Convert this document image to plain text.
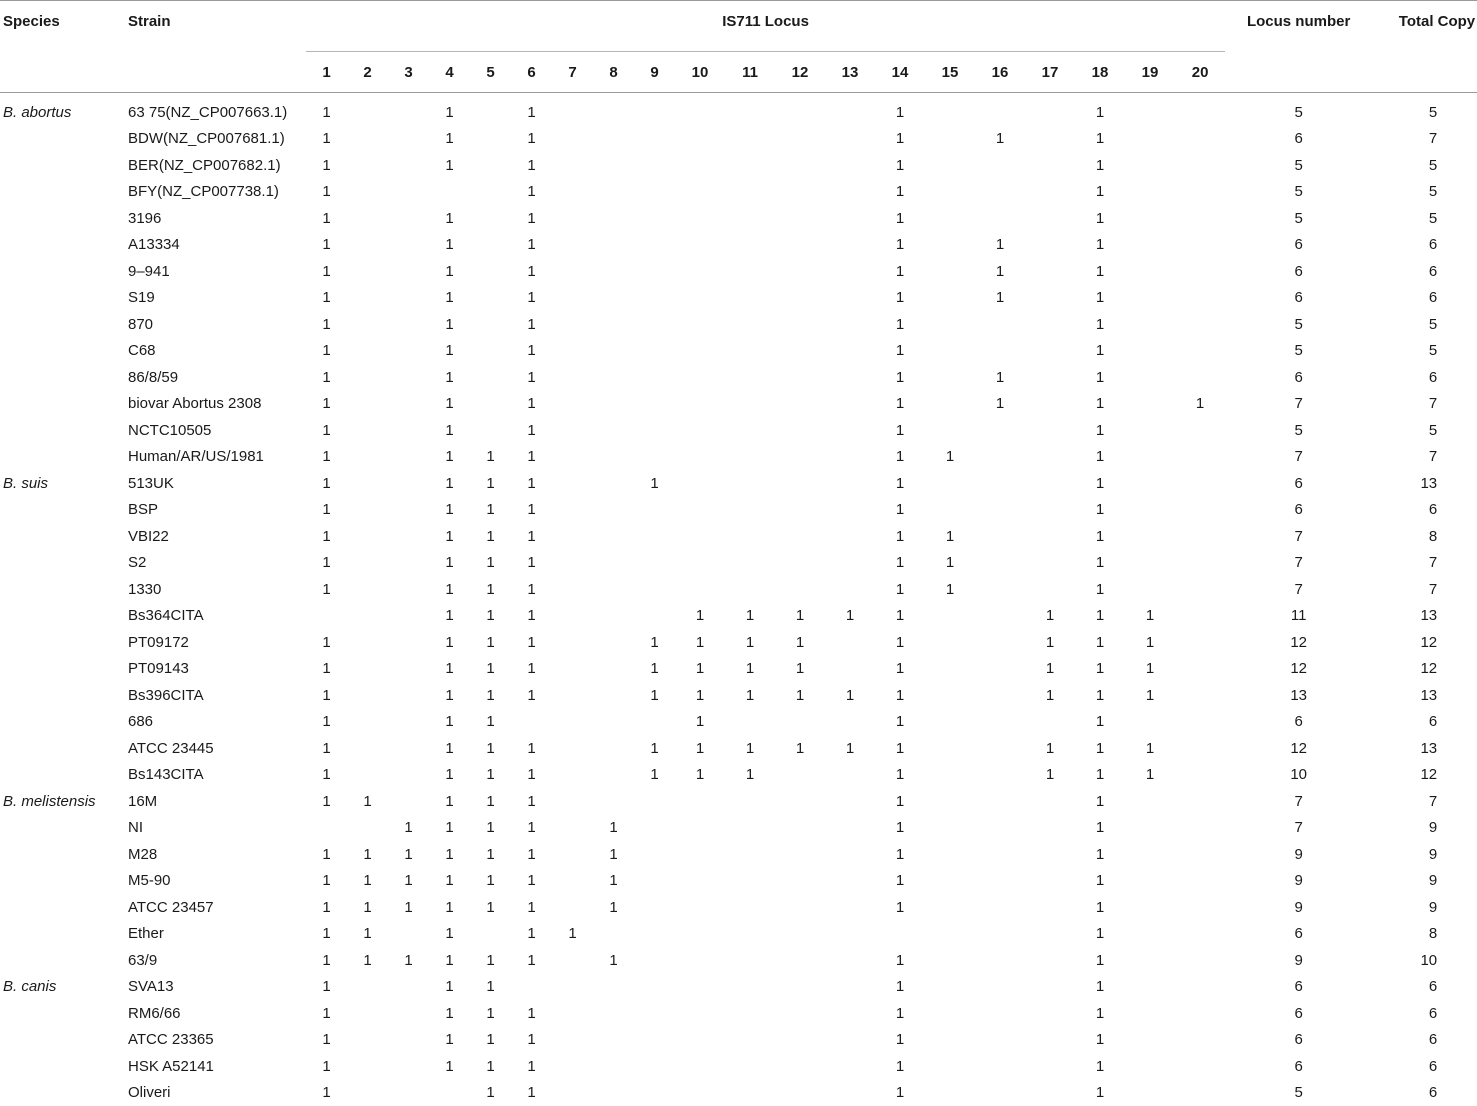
Species	Strain	IS711 Locus																				Locus number	Total Copy
		1	2	3	4	5	6	7	8	9	10	11	12	13	14	15	16	17	18	19	20		
B. abortus	63 75(NZ_CP007663.1)	1			1		1								1				1			5	5
	BDW(NZ_CP007681.1)	1			1		1								1		1		1			6	7
	BER(NZ_CP007682.1)	1			1		1								1				1			5	5
	BFY(NZ_CP007738.1)	1					1								1				1			5	5
	3196	1			1		1								1				1			5	5
	A13334	1			1		1								1		1		1			6	6
	9–941	1			1		1								1		1		1			6	6
	S19	1			1		1								1		1		1			6	6
	870	1			1		1								1				1			5	5
	C68	1			1		1								1				1			5	5
	86/8/59	1			1		1								1		1		1			6	6
	biovar Abortus 2308	1			1		1								1		1		1		1	7	7
	NCTC10505	1			1		1								1				1			5	5
	Human/AR/US/1981	1			1	1	1								1	1			1			7	7
B. suis	513UK	1			1	1	1			1					1				1			6	13
	BSP	1			1	1	1								1				1			6	6
	VBI22	1			1	1	1								1	1			1			7	8
	S2	1			1	1	1								1	1			1			7	7
	1330	1			1	1	1								1	1			1			7	7
	Bs364CITA				1	1	1				1	1	1	1	1			1	1	1		11	13
	PT09172	1			1	1	1			1	1	1	1		1			1	1	1		12	12
	PT09143	1			1	1	1			1	1	1	1		1			1	1	1		12	12
	Bs396CITA	1			1	1	1			1	1	1	1	1	1			1	1	1		13	13
	686	1			1	1					1				1				1			6	6
	ATCC 23445	1			1	1	1			1	1	1	1	1	1			1	1	1		12	13
	Bs143CITA	1			1	1	1			1	1	1			1			1	1	1		10	12
B. melistensis	16M	1	1		1	1	1								1				1			7	7
	NI			1	1	1	1		1						1				1			7	9
	M28	1	1	1	1	1	1		1						1				1			9	9
	M5-90	1	1	1	1	1	1		1						1				1			9	9
	ATCC 23457	1	1	1	1	1	1		1						1				1			9	9
	Ether	1	1		1		1	1											1			6	8
	63/9	1	1	1	1	1	1		1						1				1			9	10
B. canis	SVA13	1			1	1									1				1			6	6
	RM6/66	1			1	1	1								1				1			6	6
	ATCC 23365	1			1	1	1								1				1			6	6
	HSK A52141	1			1	1	1								1				1			6	6
	Oliveri	1				1	1								1				1			5	6
